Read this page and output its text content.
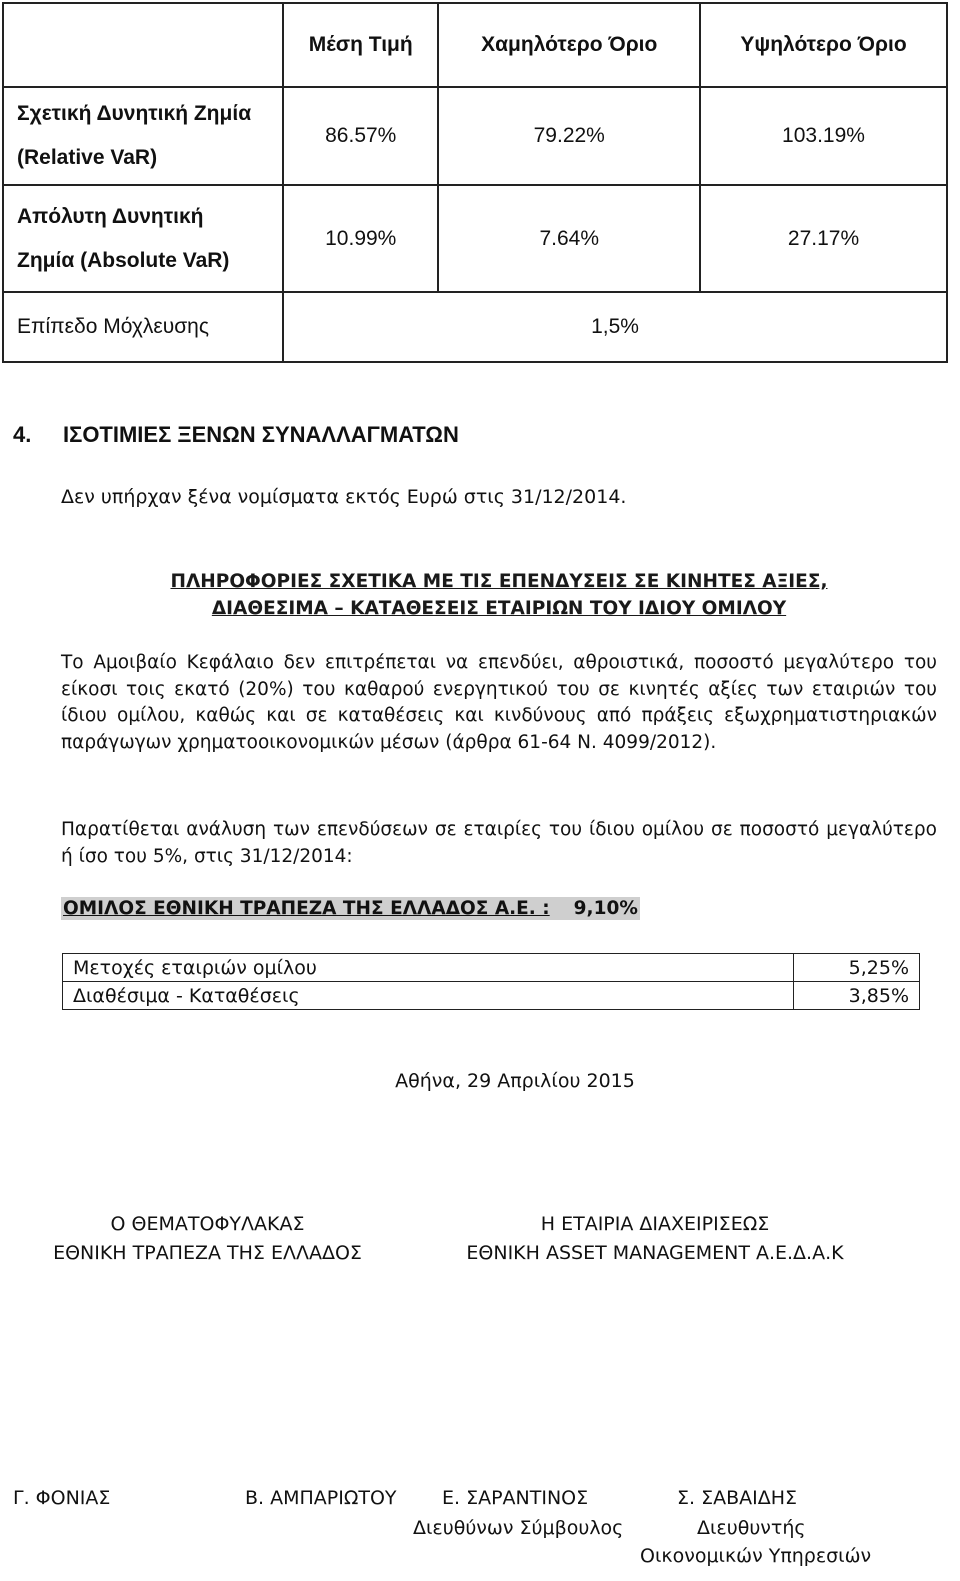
	Μέση Τιμή	Χαμηλότερο Όριο	Υψηλότερο Όριο

Σχετική Δυνητική Ζημία
(Relative VaR)	86.57%	79.22%	103.19%

Απόλυτη Δυνητική
Ζημία (Absolute VaR)	10.99%	7.64%	27.17%
Επίπεδο Μόχλευσης	1,5%		
4. ΙΣΟΤΙΜΙΕΣ ΞΕΝΩΝ ΣΥΝΑΛΛΑΓΜΑΤΩΝ
Δεν υπήρχαν ξένα νομίσματα εκτός Ευρώ στις 31/12/2014.
ΠΛΗΡΟΦΟΡΙΕΣ ΣΧΕΤΙΚΑ ΜΕ ΤΙΣ ΕΠΕΝΔΥΣΕΙΣ ΣΕ ΚΙΝΗΤΕΣ ΑΞΙΕΣ,
ΔΙΑΘΕΣΙΜΑ – ΚΑΤΑΘΕΣΕΙΣ ΕΤΑΙΡΙΩΝ ΤΟΥ ΙΔΙΟΥ ΟΜΙΛΟΥ
Το Αμοιβαίο Κεφάλαιο δεν επιτρέπεται να επενδύει, αθροιστικά, ποσοστό μεγαλύτερο του είκοσι τοις εκατό (20%) του καθαρού ενεργητικού του σε κινητές αξίες των εταιριών του ίδιου ομίλου, καθώς και σε καταθέσεις και κινδύνους από πράξεις εξωχρηματιστηριακών παράγωγων χρηματοοικονομικών μέσων (άρθρα 61-64 Ν. 4099/2012).
Παρατίθεται ανάλυση των επενδύσεων σε εταιρίες του ίδιου ομίλου σε ποσοστό μεγαλύτερο ή ίσο του 5%, στις 31/12/2014:
ΟΜΙΛΟΣ ΕΘΝΙΚΗ ΤΡΑΠΕΖΑ ΤΗΣ ΕΛΛΑΔΟΣ Α.Ε. : 9,10%
Μετοχές εταιριών ομίλου	5,25%
Διαθέσιμα - Καταθέσεις	3,85%
Αθήνα, 29 Απριλίου 2015
Ο ΘΕΜΑΤΟΦΥΛΑΚΑΣ
ΕΘΝΙΚΗ ΤΡΑΠΕΖΑ ΤΗΣ ΕΛΛΑΔΟΣ
Η ΕΤΑΙΡΙΑ ΔΙΑΧΕΙΡΙΣΕΩΣ
ΕΘΝΙΚΗ ASSET MANAGEMENT Α.Ε.Δ.Α.Κ
Γ. ΦΟΝΙΑΣ	Β. ΑΜΠΑΡΙΩΤΟΥ Ε. ΣΑΡΑΝΤΙΝΟΣ
Διευθύνων Σύμβουλος
Σ. ΣΑΒΑΙΔΗΣ
Διευθυντής
Οικονομικών Υπηρεσιών
